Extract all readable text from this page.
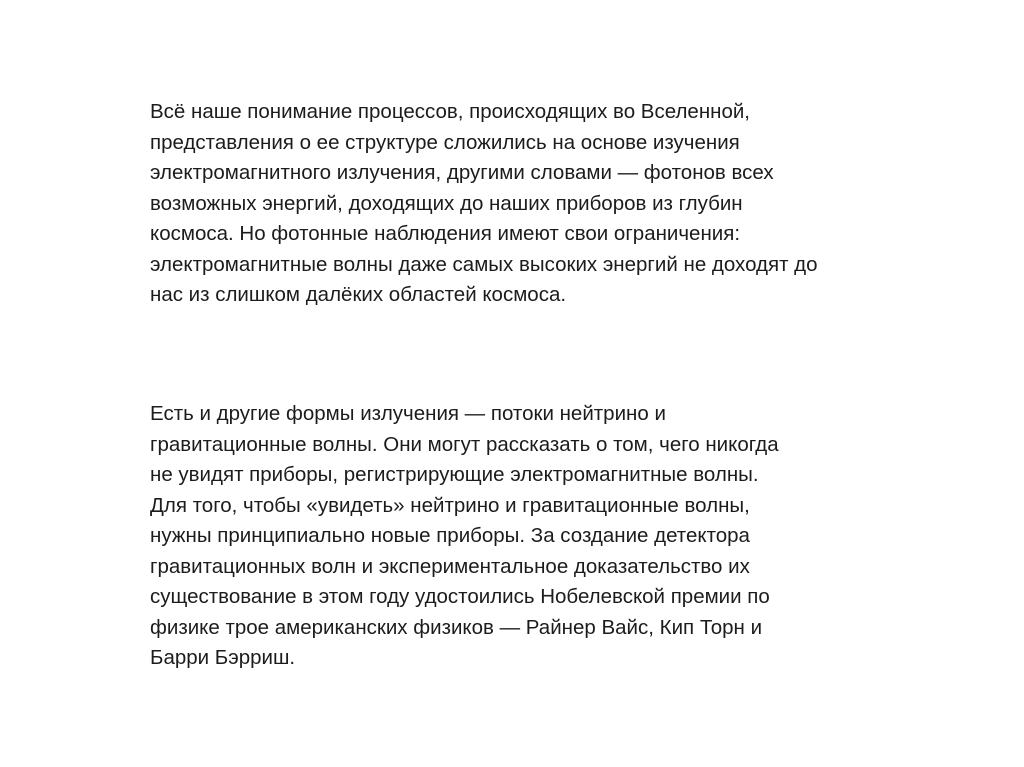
Всё наше понимание процессов, происходящих во Вселенной,
представления о ее структуре сложились на основе изучения
электромагнитного излучения, другими словами — фотонов всех
возможных энергий, доходящих до наших приборов из глубин
космоса. Но фотонные наблюдения имеют свои ограничения:
электромагнитные волны даже самых высоких энергий не доходят до
нас из слишком далёких областей космоса.

Есть и другие формы излучения — потоки нейтрино и
гравитационные волны. Они могут рассказать о том, чего никогда
не увидят приборы, регистрирующие электромагнитные волны.
Для того, чтобы «увидеть» нейтрино и гравитационные волны,
нужны принципиально новые приборы. За создание детектора
гравитационных волн и экспериментальное доказательство их
существование в этом году удостоились Нобелевской премии по
физике трое американских физиков — Райнер Вайс, Кип Торн и
Барри Бэрриш.
